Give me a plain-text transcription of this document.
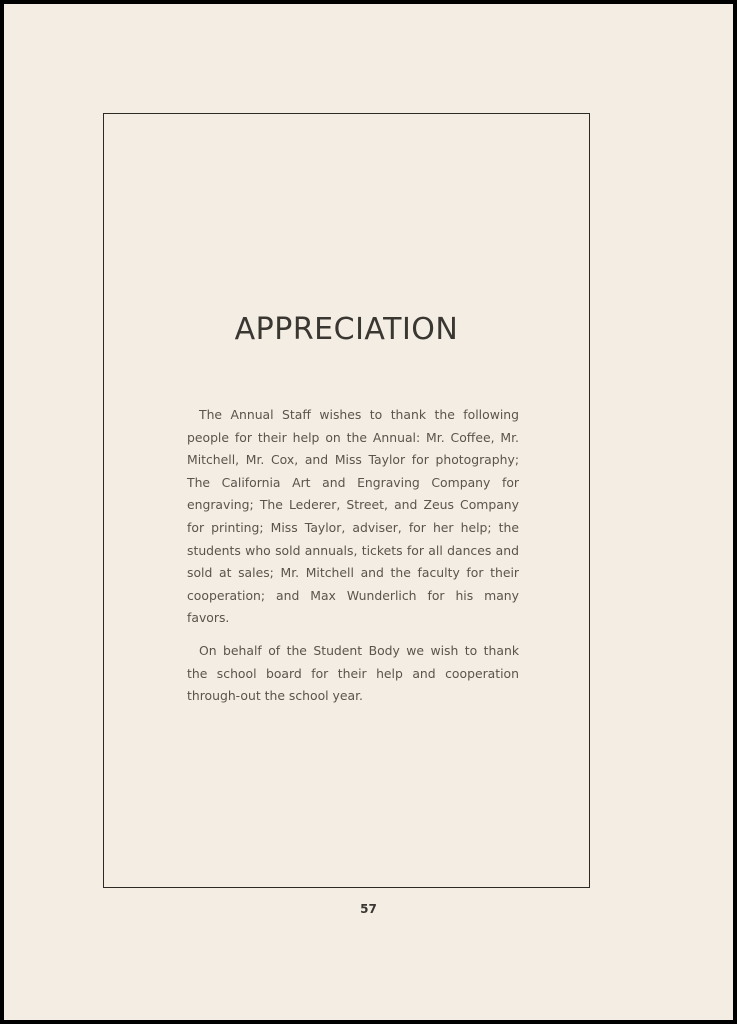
APPRECIATION

The Annual Staff wishes to thank the following people for their help on the Annual: Mr. Coffee, Mr. Mitchell, Mr. Cox, and Miss Taylor for photography; The California Art and Engraving Company for engraving; The Lederer, Street, and Zeus Company for printing; Miss Taylor, adviser, for her help; the students who sold annuals, tickets for all dances and sold at sales; Mr. Mitchell and the faculty for their cooperation; and Max Wunderlich for his many favors.

On behalf of the Student Body we wish to thank the school board for their help and cooperation through-out the school year.

57
